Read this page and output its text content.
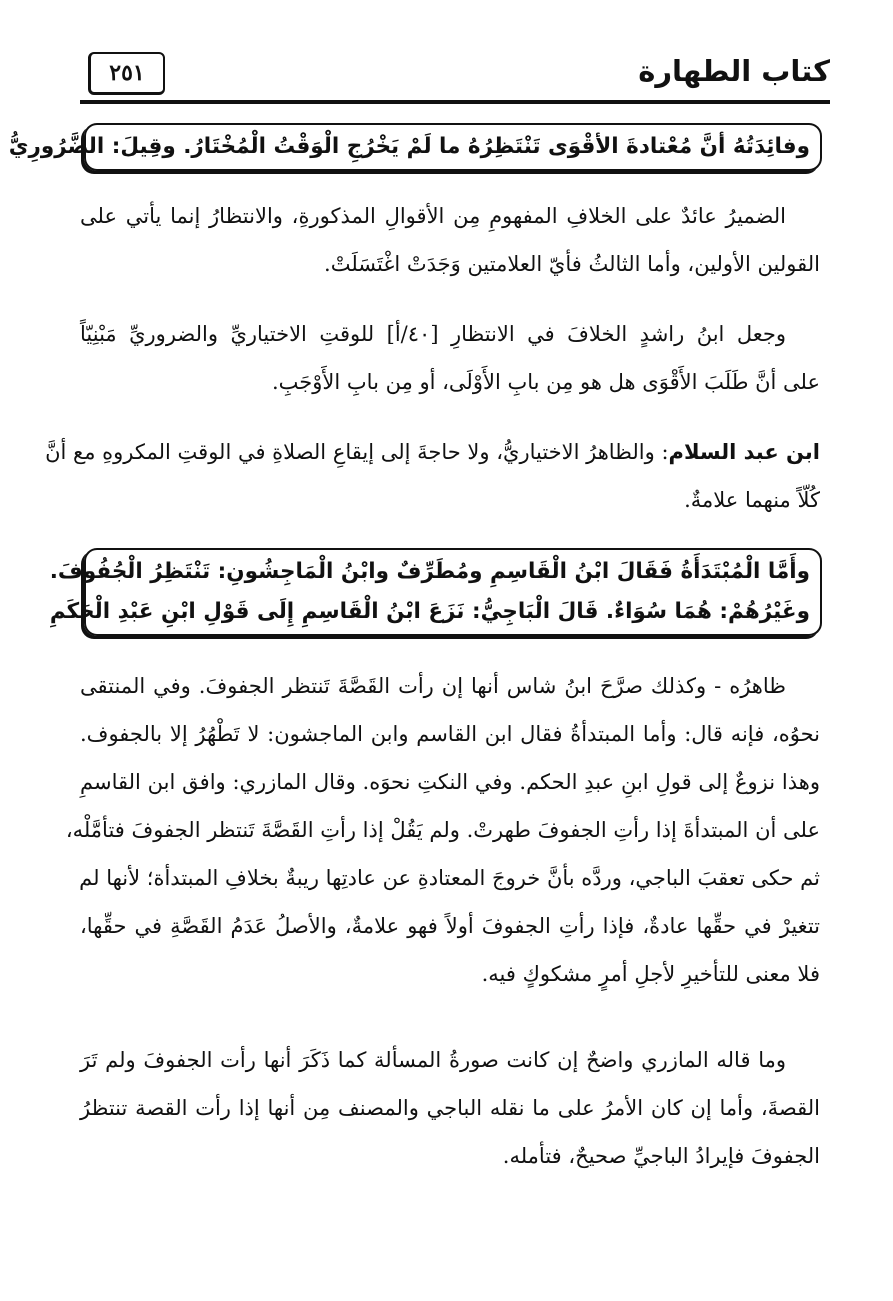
كتاب الطهارة
٢٥١
وفائِدَتُهُ أنَّ مُعْتادةَ الأقْوَى تَنْتَظِرُهُ ما لَمْ يَخْرُجِ الْوَقْتُ الْمُخْتَارُ. وقِيلَ: الضَّرُورِيُّ
الضميرُ عائدٌ على الخلافِ المفهومِ مِن الأقوالِ المذكورةِ، والانتظارُ إنما يأتي على
القولين الأولين، وأما الثالثُ فأيّ العلامتين وَجَدَتْ اغْتَسَلَتْ.
وجعل ابنُ راشدٍ الخلافَ في الانتظارِ [٤٠/أ] للوقتِ الاختياريِّ والضروريِّ مَبْنِيّاً
على أنَّ طَلَبَ الأَقْوَى هل هو مِن بابِ الأَوْلَى، أو مِن بابِ الأَوْجَبِ.
ابن عبد السلام: والظاهرُ الاختياريُّ، ولا حاجةَ إلى إيقاعِ الصلاةِ في الوقتِ المكروهِ مع أنَّ
كُلّاً منهما علامةٌ.
وأَمَّا الْمُبْتَدَأَةُ فَقَالَ ابْنُ الْقَاسِمِ ومُطَرِّفٌ وابْنُ الْمَاجِشُونِ: تَنْتَظِرُ الْجُفُوفَ.
وغَيْرُهُمْ: هُمَا سُوَاءٌ. قَالَ الْبَاجِيُّ: نَزَعَ ابْنُ الْقَاسِمِ إِلَى قَوْلِ ابْنِ عَبْدِ الْحَكَمِ
ظاهرُه - وكذلك صرَّحَ ابنُ شاس أنها إن رأت القَصَّةَ تَنتظر الجفوفَ. وفي المنتقى
نحوُه، فإنه قال: وأما المبتدأةُ فقال ابن القاسم وابن الماجشون: لا تَطْهُرُ إلا بالجفوف.
وهذا نزوعٌ إلى قولِ ابنِ عبدِ الحكم. وفي النكتِ نحوَه. وقال المازري: وافق ابن القاسمِ
على أن المبتدأةَ إذا رأتِ الجفوفَ طهرتْ. ولم يَقُلْ إذا رأتِ القَصَّةَ تَنتظر الجفوفَ فتأمَّلْه،
ثم حكى تعقبَ الباجي، وردَّه بأنَّ خروجَ المعتادةِ عن عادتِها ريبةٌ بخلافِ المبتدأة؛ لأنها لم
تتغيرْ في حقِّها عادةٌ، فإذا رأتِ الجفوفَ أولاً فهو علامةٌ، والأصلُ عَدَمُ القَصَّةِ في حقِّها،
فلا معنى للتأخيرِ لأجلِ أمرٍ مشكوكٍ فيه.
وما قاله المازري واضحٌ إن كانت صورةُ المسألة كما ذَكَرَ أنها رأت الجفوفَ ولم تَرَ
القصةَ، وأما إن كان الأمرُ على ما نقله الباجي والمصنف مِن أنها إذا رأت القصة تنتظرُ
الجفوفَ فإيرادُ الباجيِّ صحيحٌ، فتأمله.
